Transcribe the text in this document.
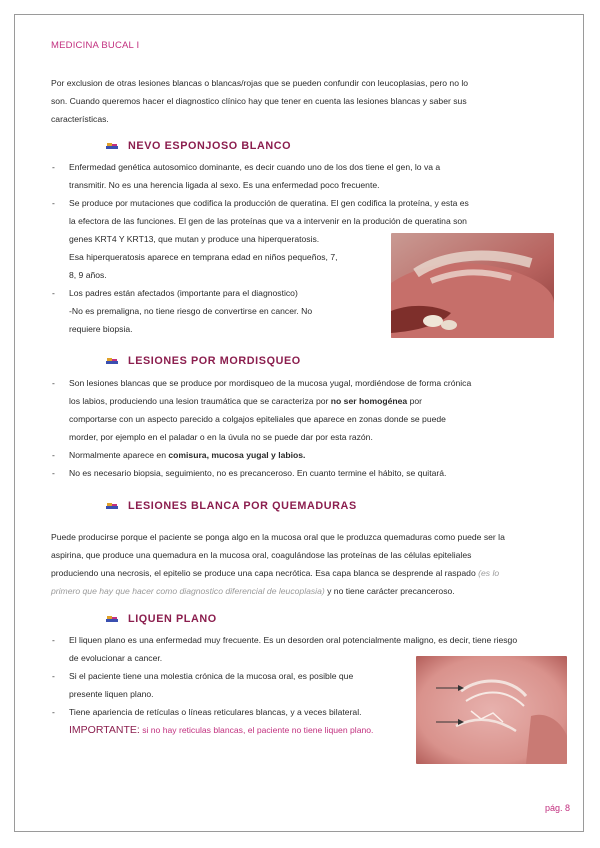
MEDICINA BUCAL I
Por exclusion de otras lesiones blancas o blancas/rojas que se pueden confundir con leucoplasias, pero no lo
son. Cuando queremos hacer el diagnostico clínico hay que tener en cuenta las lesiones blancas y saber sus
características.
NEVO ESPONJOSO BLANCO
- Enfermedad genética autosomico dominante, es decir cuando uno de los dos tiene el gen, lo va a
transmitir. No es una herencia ligada al sexo. Es una enfermedad poco frecuente.
- Se produce por mutaciones que codifica la producción de queratina. El gen codifica la proteína, y esta es
la efectora de las funciones. El gen de las proteínas que va a intervenir en la produción de queratina son
genes KRT4 Y KRT13, que mutan y produce una hiperqueratosis.
Esa hiperqueratosis aparece en temprana edad en niños pequeños, 7,
8, 9 años.
- Los padres están afectados (importante para el diagnostico)
-No es premaligna, no tiene riesgo de convertirse en cancer. No
requiere biopsia.
LESIONES POR MORDISQUEO
- Son lesiones blancas que se produce por mordisqueo de la mucosa yugal, mordiéndose de forma crónica
los labios, produciendo una lesion traumática que se caracteriza por no ser homogénea por
comportarse con un aspecto parecido a colgajos epiteliales que aparece en zonas donde se puede
morder, por ejemplo en el paladar o en la úvula no se puede dar por esta razón.
- Normalmente aparece en comisura, mucosa yugal y labios.
- No es necesario biopsia, seguimiento, no es precanceroso. En cuanto termine el hábito, se quitará.
LESIONES BLANCA POR QUEMADURAS
Puede producirse porque el paciente se ponga algo en la mucosa oral que le produzca quemaduras como puede ser la
aspirina, que produce una quemadura en la mucosa oral, coagulándose las proteínas de las células epiteliales
produciendo una necrosis, el epitelio se produce una capa necrótica. Esa capa blanca se desprende al raspado (es lo
primero que hay que hacer como diagnostico diferencial de leucoplasia) y no tiene carácter precanceroso.
LIQUEN PLANO
- El liquen plano es una enfermedad muy frecuente. Es un desorden oral potencialmente maligno, es decir, tiene riesgo
de evolucionar a cancer.
- Si el paciente tiene una molestia crónica de la mucosa oral, es posible que
presente liquen plano.
- Tiene apariencia de retículas o líneas reticulares blancas, y a veces bilateral.
IMPORTANTE: si no hay reticulas blancas, el paciente no tiene liquen plano.
pág. 8
